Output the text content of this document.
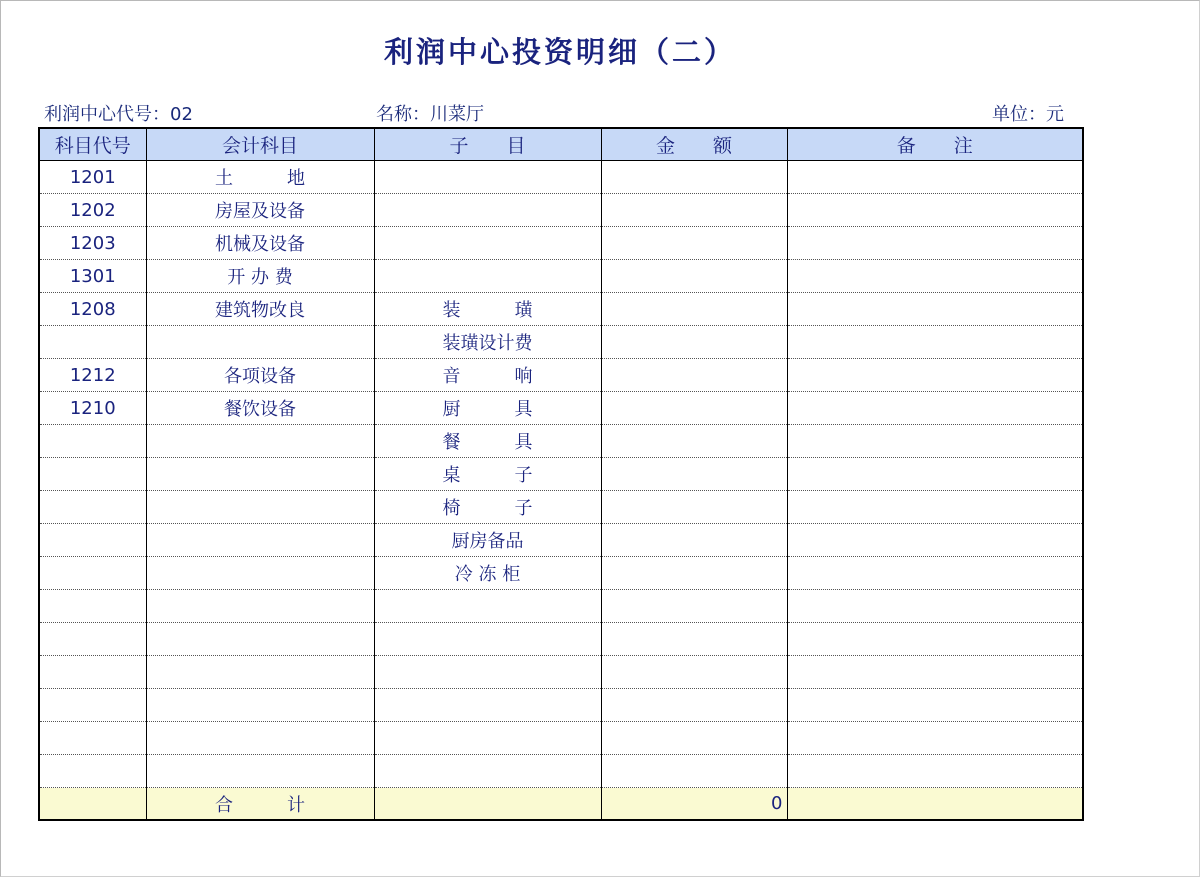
利润中心投资明细（二）
利润中心代号：02	名称：川菜厅	单位：元
科目代号	会计科目	子　　目	金　　额	备　　注
1201	土　　　地			
1202	房屋及设备			
1203	机械及设备			
1301	开 办 费			
1208	建筑物改良	装　　　璜		
		装璜设计费		
1212	各项设备	音　　　响		
1210	餐饮设备	厨　　　具		
		餐　　　具		
		桌　　　子		
		椅　　　子		
		厨房备品		
		冷 冻 柜		

	合　　　计		0	
